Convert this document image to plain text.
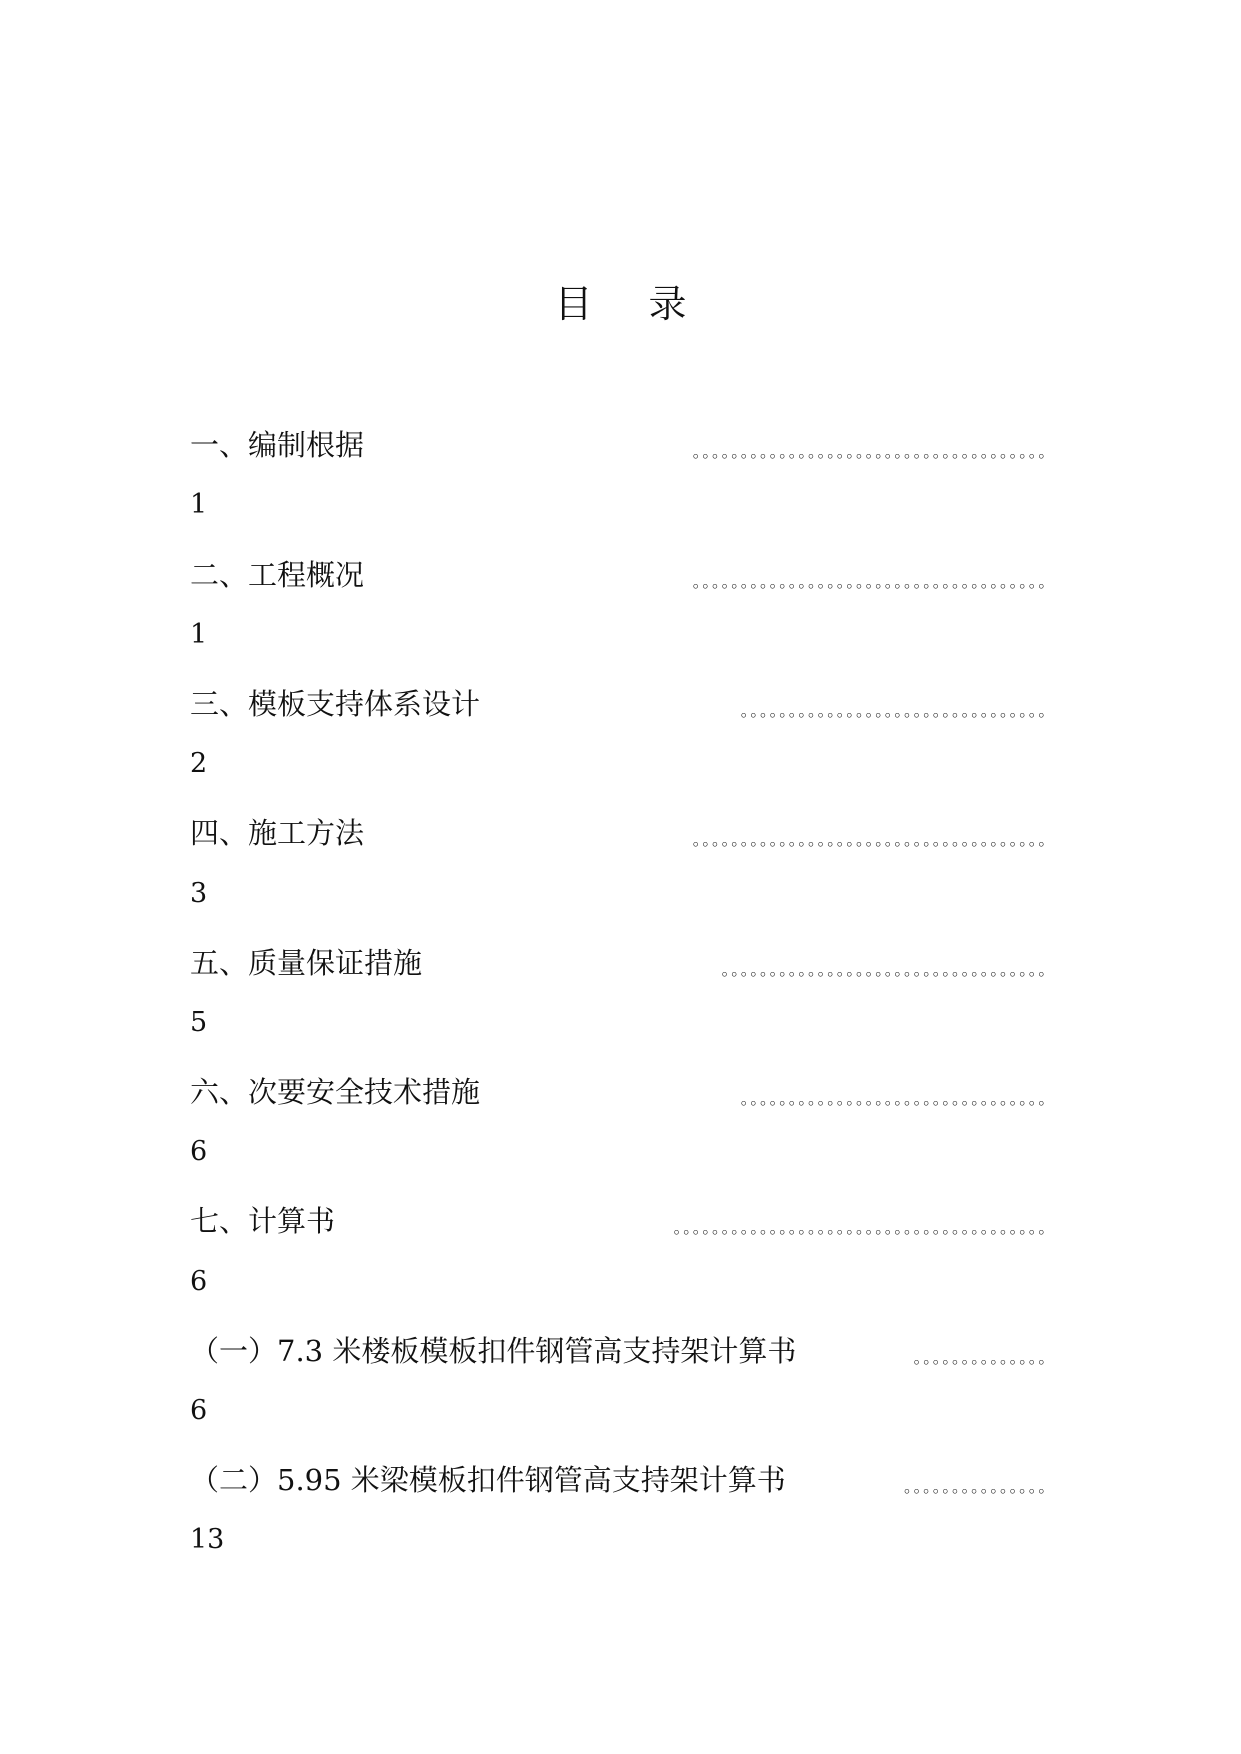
目 录
一、编制根据	。。。。。。。。。。。。。。。。。。。。。。。。。。。。。。。。。。。。。
1
二、工程概况	。。。。。。。。。。。。。。。。。。。。。。。。。。。。。。。。。。。。。
1
三、模板支持体系设计	。。。。。。。。。。。。。。。。。。。。。。。。。。。。。。。。
2
四、施工方法	。。。。。。。。。。。。。。。。。。。。。。。。。。。。。。。。。。。。。
3
五、质量保证措施	。。。。。。。。。。。。。。。。。。。。。。。。。。。。。。。。。。
5
六、次要安全技术措施	。。。。。。。。。。。。。。。。。。。。。。。。。。。。。。。。
6
七、计算书	。。。。。。。。。。。。。。。。。。。。。。。。。。。。。。。。。。。。。。。
6
（一）7.3 米楼板模板扣件钢管高支持架计算书	。。。。。。。。。。。。。。
6
（二）5.95 米梁模板扣件钢管高支持架计算书	。。。。。。。。。。。。。。。
13
